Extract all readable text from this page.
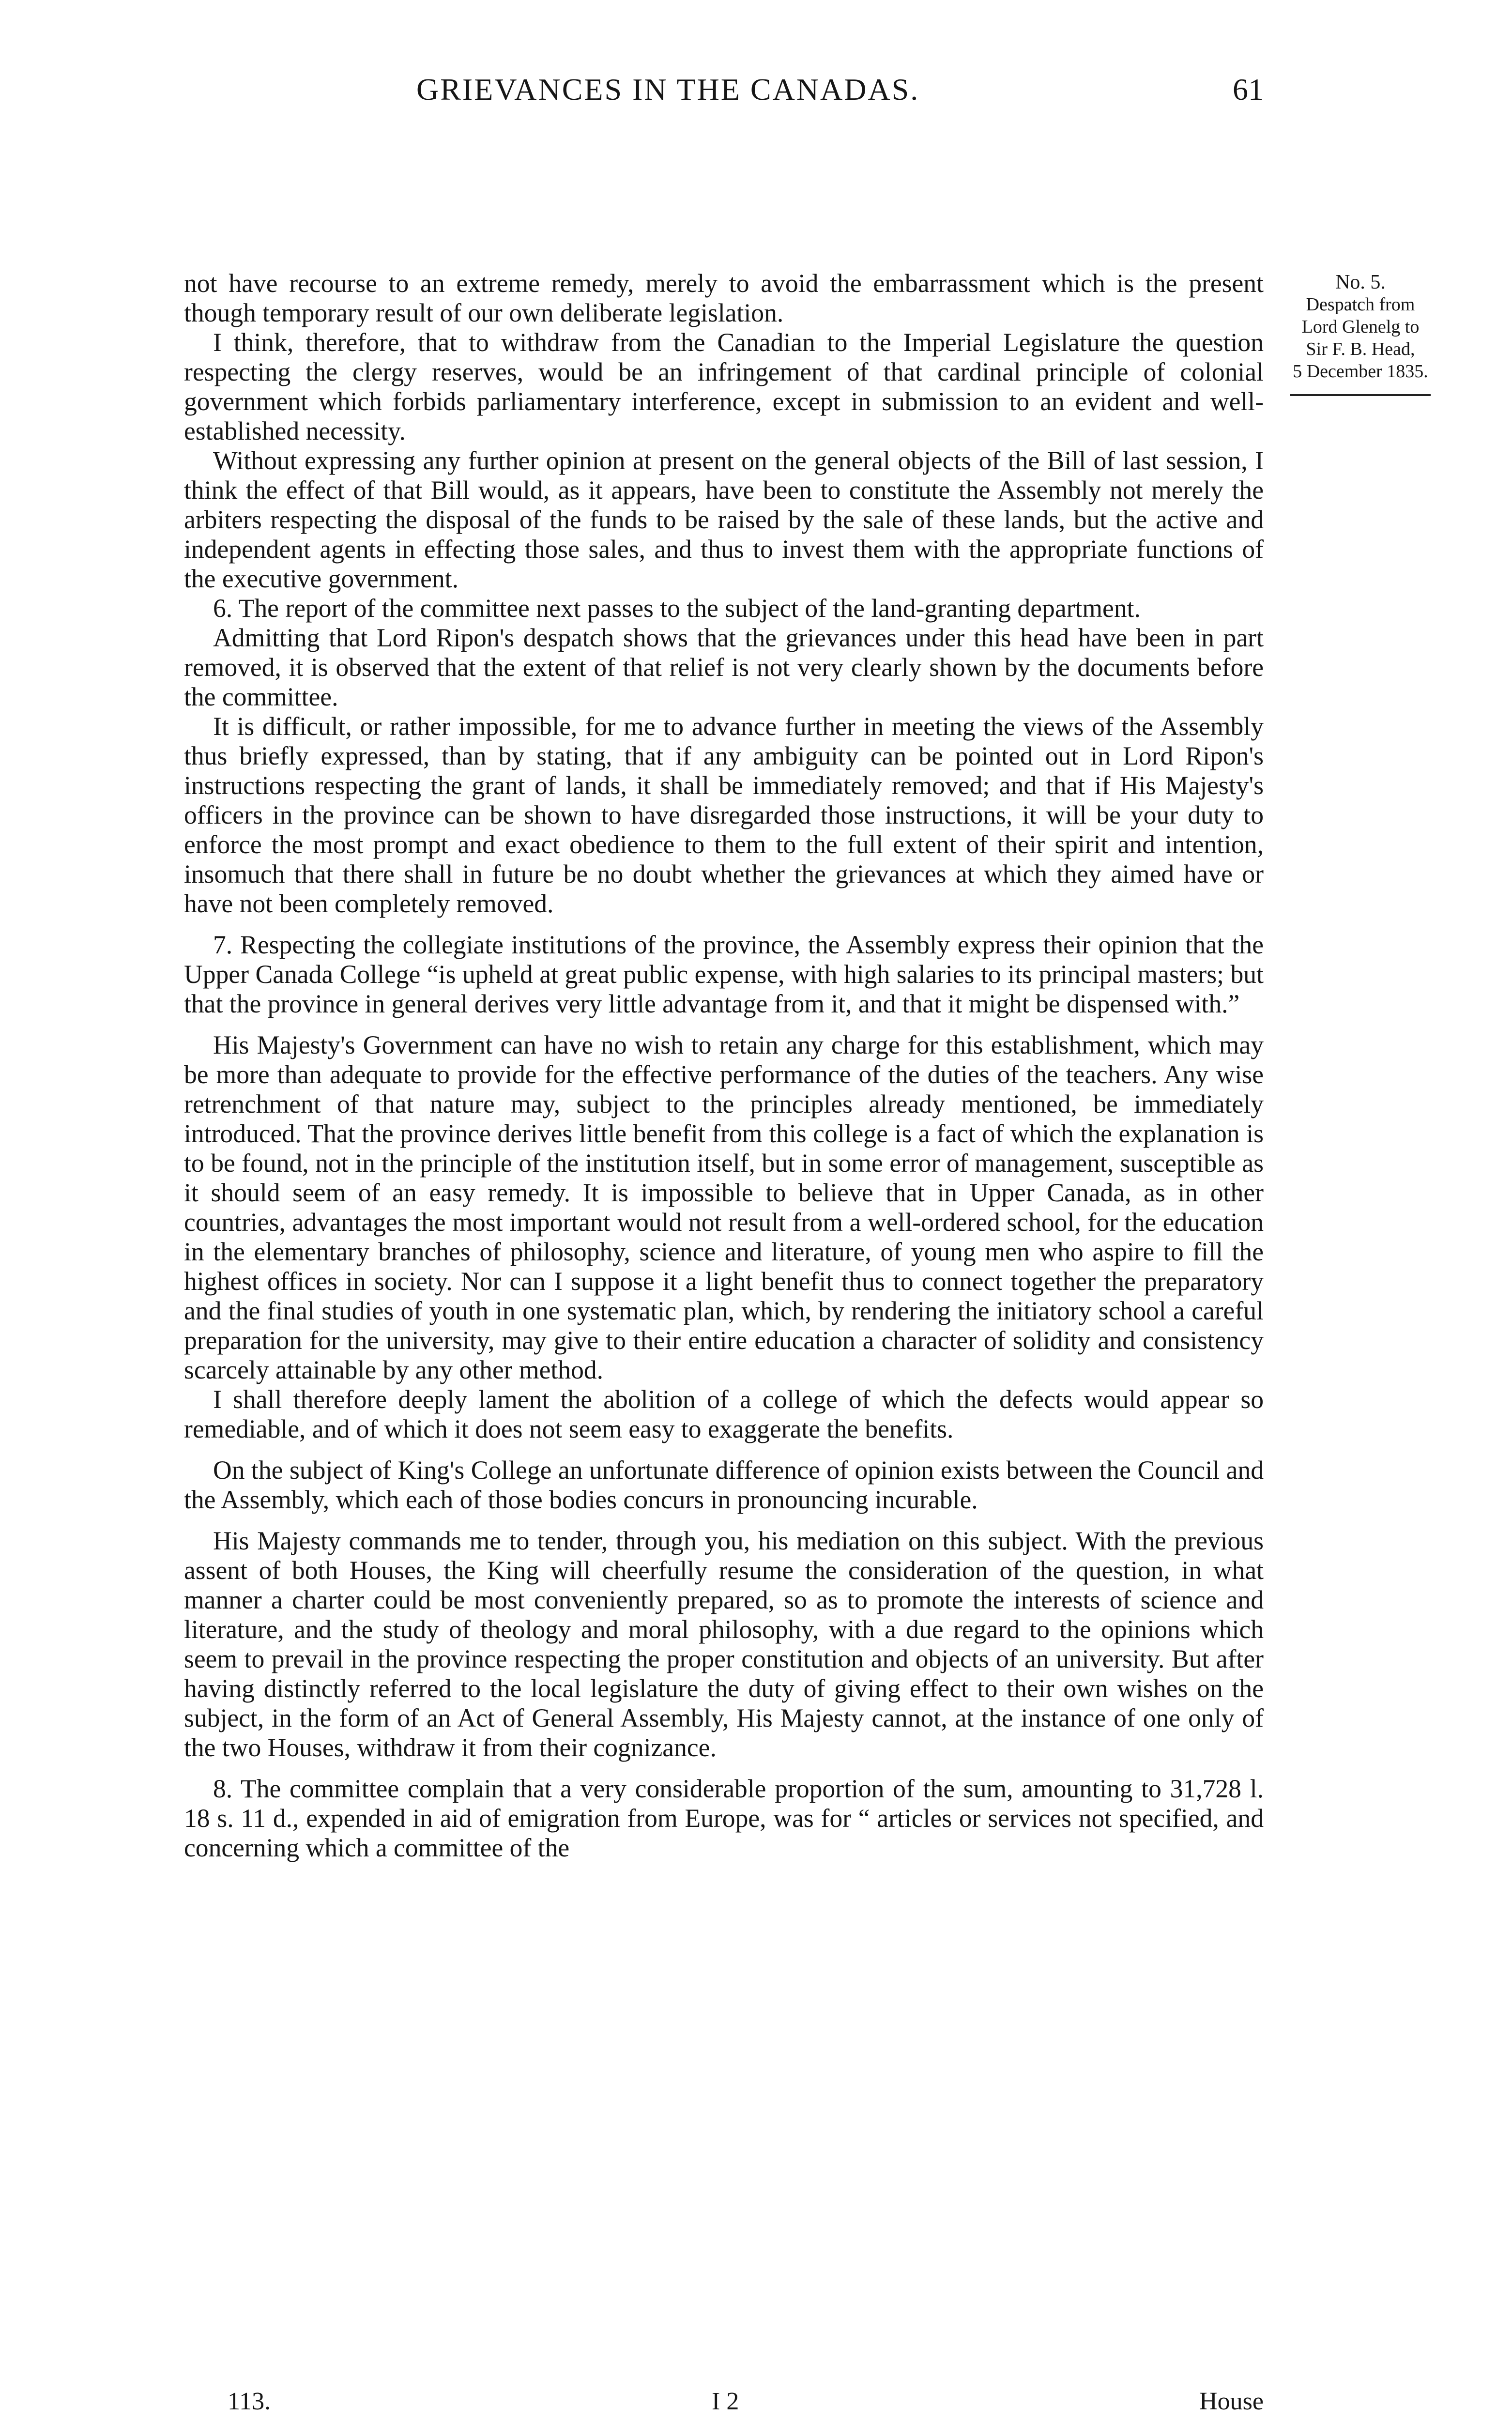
GRIEVANCES IN THE CANADAS.	61
No. 5.
Despatch from
Lord Glenelg to
Sir F. B. Head,
5 December 1835.

not have recourse to an extreme remedy, merely to avoid the embarrassment which is the present though temporary result of our own deliberate legislation.

I think, therefore, that to withdraw from the Canadian to the Imperial Legislature the question respecting the clergy reserves, would be an infringement of that cardinal principle of colonial government which forbids parliamentary interference, except in submission to an evident and well-established necessity.

Without expressing any further opinion at present on the general objects of the Bill of last session, I think the effect of that Bill would, as it appears, have been to constitute the Assembly not merely the arbiters respecting the disposal of the funds to be raised by the sale of these lands, but the active and independent agents in effecting those sales, and thus to invest them with the appropriate functions of the executive government.

6. The report of the committee next passes to the subject of the land-granting department.

Admitting that Lord Ripon's despatch shows that the grievances under this head have been in part removed, it is observed that the extent of that relief is not very clearly shown by the documents before the committee.

It is difficult, or rather impossible, for me to advance further in meeting the views of the Assembly thus briefly expressed, than by stating, that if any ambiguity can be pointed out in Lord Ripon's instructions respecting the grant of lands, it shall be immediately removed; and that if His Majesty's officers in the province can be shown to have disregarded those instructions, it will be your duty to enforce the most prompt and exact obedience to them to the full extent of their spirit and intention, insomuch that there shall in future be no doubt whether the grievances at which they aimed have or have not been completely removed.

7. Respecting the collegiate institutions of the province, the Assembly express their opinion that the Upper Canada College “is upheld at great public expense, with high salaries to its principal masters; but that the province in general derives very little advantage from it, and that it might be dispensed with.”

His Majesty's Government can have no wish to retain any charge for this establishment, which may be more than adequate to provide for the effective performance of the duties of the teachers. Any wise retrenchment of that nature may, subject to the principles already mentioned, be immediately introduced. That the province derives little benefit from this college is a fact of which the explanation is to be found, not in the principle of the institution itself, but in some error of management, susceptible as it should seem of an easy remedy. It is impossible to believe that in Upper Canada, as in other countries, advantages the most important would not result from a well-ordered school, for the education in the elementary branches of philosophy, science and literature, of young men who aspire to fill the highest offices in society. Nor can I suppose it a light benefit thus to connect together the preparatory and the final studies of youth in one systematic plan, which, by rendering the initiatory school a careful preparation for the university, may give to their entire education a character of solidity and consistency scarcely attainable by any other method.

I shall therefore deeply lament the abolition of a college of which the defects would appear so remediable, and of which it does not seem easy to exaggerate the benefits.

On the subject of King's College an unfortunate difference of opinion exists between the Council and the Assembly, which each of those bodies concurs in pronouncing incurable.

His Majesty commands me to tender, through you, his mediation on this subject. With the previous assent of both Houses, the King will cheerfully resume the consideration of the question, in what manner a charter could be most conveniently prepared, so as to promote the interests of science and literature, and the study of theology and moral philosophy, with a due regard to the opinions which seem to prevail in the province respecting the proper constitution and objects of an university. But after having distinctly referred to the local legislature the duty of giving effect to their own wishes on the subject, in the form of an Act of General Assembly, His Majesty cannot, at the instance of one only of the two Houses, withdraw it from their cognizance.

8. The committee complain that a very considerable proportion of the sum, amounting to 31,728 l. 18 s. 11 d., expended in aid of emigration from Europe, was for “ articles or services not specified, and concerning which a committee of the

113.	I 2	House
